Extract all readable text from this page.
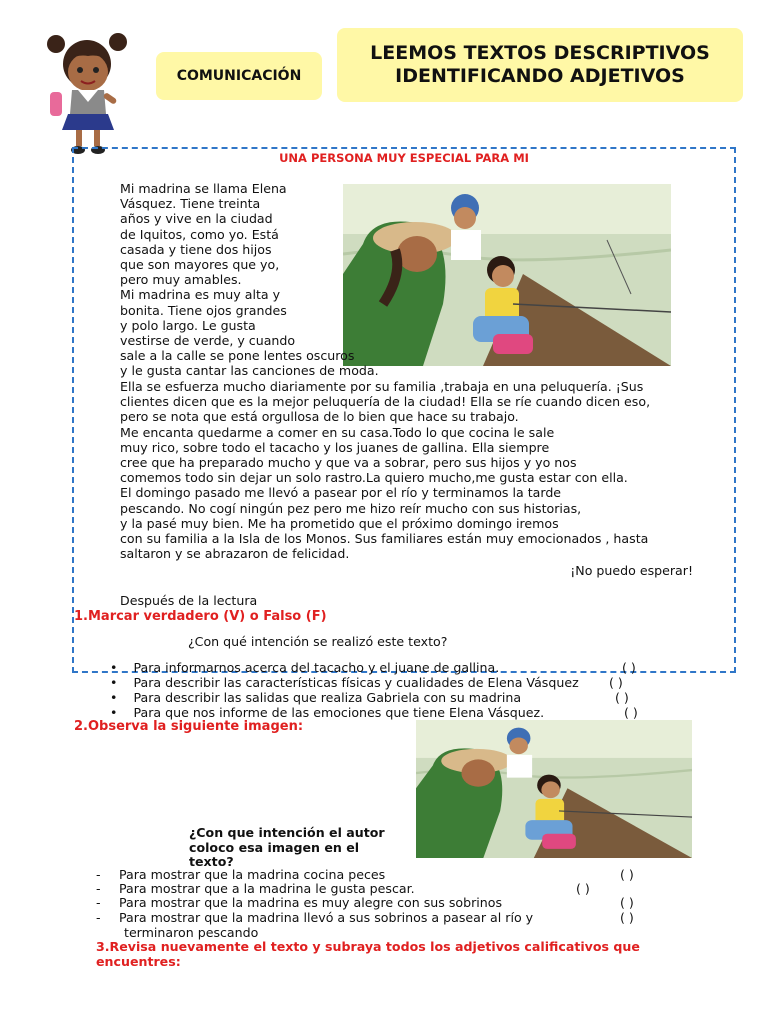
COMUNICACIÓN
LEEMOS TEXTOS DESCRIPTIVOS
IDENTIFICANDO ADJETIVOS
UNA PERSONA MUY ESPECIAL PARA MI
Mi madrina se llama Elena
Vásquez. Tiene treinta
años y vive en la ciudad
de Iquitos, como yo. Está
casada y tiene dos hijos
que son mayores que yo,
pero muy amables.
Mi madrina es muy alta y
bonita. Tiene ojos grandes
y polo largo. Le gusta
vestirse de verde, y cuando
sale a la calle se pone lentes oscuros
y le gusta cantar las canciones de moda.
Ella se esfuerza mucho diariamente por su familia ,trabaja en una peluquería. ¡Sus
clientes dicen que es la mejor peluquería de la ciudad! Ella se ríe cuando dicen eso,
pero se nota que está orgullosa de lo bien que hace su trabajo.
Me encanta quedarme a comer en su casa.Todo lo que cocina le sale
muy rico, sobre todo el tacacho y los juanes de gallina. Ella siempre
cree que ha preparado mucho y que va a sobrar, pero sus hijos y yo nos
comemos todo sin dejar un solo rastro.La quiero mucho,me gusta estar con ella.
El domingo pasado me llevó a pasear por el río y terminamos la tarde
pescando. No cogí ningún pez pero me hizo reír mucho con sus historias,
y la pasé muy bien. Me ha prometido que el próximo domingo iremos
con su familia a la Isla de los Monos. Sus familiares están muy emocionados , hasta
saltaron y se abrazaron de felicidad.
¡No puedo esperar!
Después de la lectura
1.Marcar verdadero (V) o Falso (F)
¿Con qué intención se realizó este texto?
•    Para informarnos acerca del tacacho y el juane de gallina.	( )
•    Para describir las características físicas y cualidades de Elena Vásquez ( )
•    Para describir las salidas que realiza Gabriela con su madrina	( )
•    Para que nos informe de las emociones que tiene Elena Vásquez.	( )
2.Observa la siguiente imagen:
¿Con que intención el autor
coloco esa imagen en el
texto?
- Para mostrar que la madrina cocina peces	( )
- Para mostrar que a la madrina le gusta pescar.	( )
- Para mostrar que la madrina es muy alegre con sus sobrinos	( )
- Para mostrar que la madrina llevó a sus sobrinos a pasear al río y	( )
terminaron pescando
3.Revisa nuevamente el texto y subraya todos los adjetivos calificativos que
encuentres:
